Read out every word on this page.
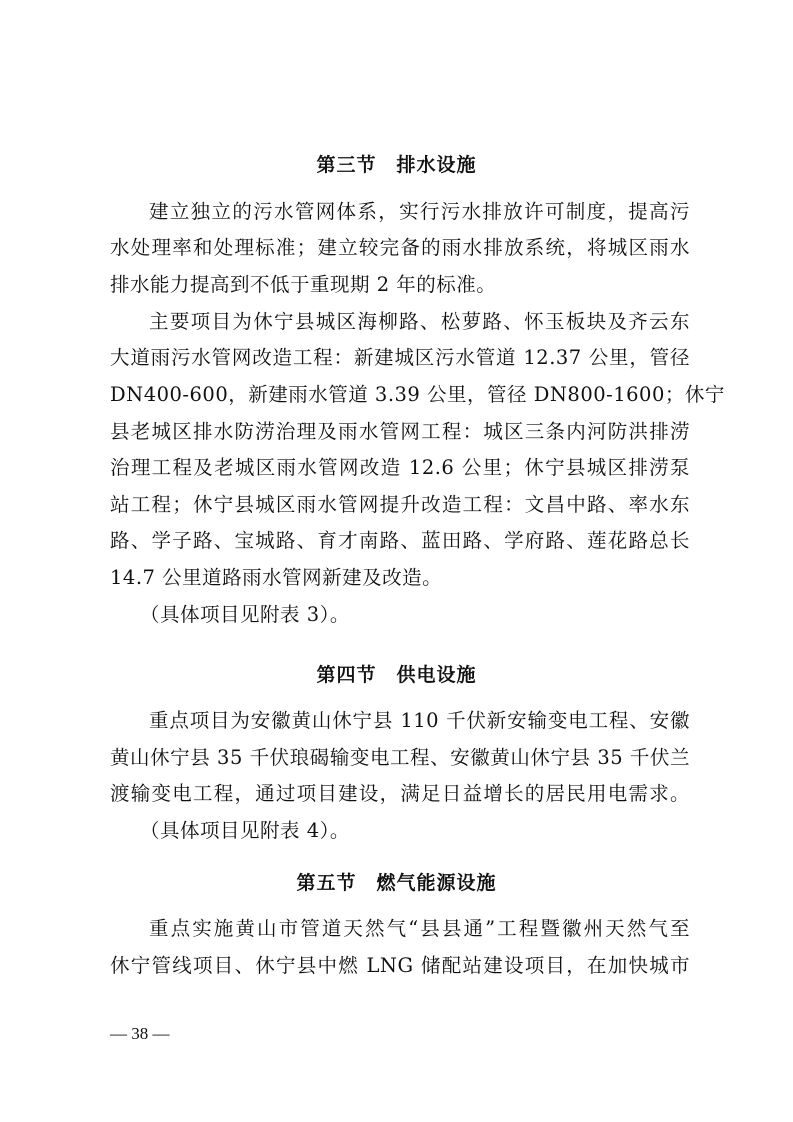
第三节　排水设施
建立独立的污水管网体系，实行污水排放许可制度，提高污
水处理率和处理标准；建立较完备的雨水排放系统，将城区雨水
排水能力提高到不低于重现期 2 年的标准。
主要项目为休宁县城区海柳路、松萝路、怀玉板块及齐云东
大道雨污水管网改造工程：新建城区污水管道 12.37 公里，管径
DN400-600，新建雨水管道 3.39 公里，管径 DN800-1600；休宁
县老城区排水防涝治理及雨水管网工程：城区三条内河防洪排涝
治理工程及老城区雨水管网改造 12.6 公里；休宁县城区排涝泵
站工程；休宁县城区雨水管网提升改造工程：文昌中路、率水东
路、学子路、宝城路、育才南路、蓝田路、学府路、莲花路总长
14.7 公里道路雨水管网新建及改造。
（具体项目见附表 3）。
第四节　供电设施
重点项目为安徽黄山休宁县 110 千伏新安输变电工程、安徽
黄山休宁县 35 千伏琅碣输变电工程、安徽黄山休宁县 35 千伏兰
渡输变电工程，通过项目建设，满足日益增长的居民用电需求。
（具体项目见附表 4）。
第五节　燃气能源设施
重点实施黄山市管道天然气“县县通”工程暨徽州天然气至
休宁管线项目、休宁县中燃 LNG 储配站建设项目，在加快城市
— 38 —
